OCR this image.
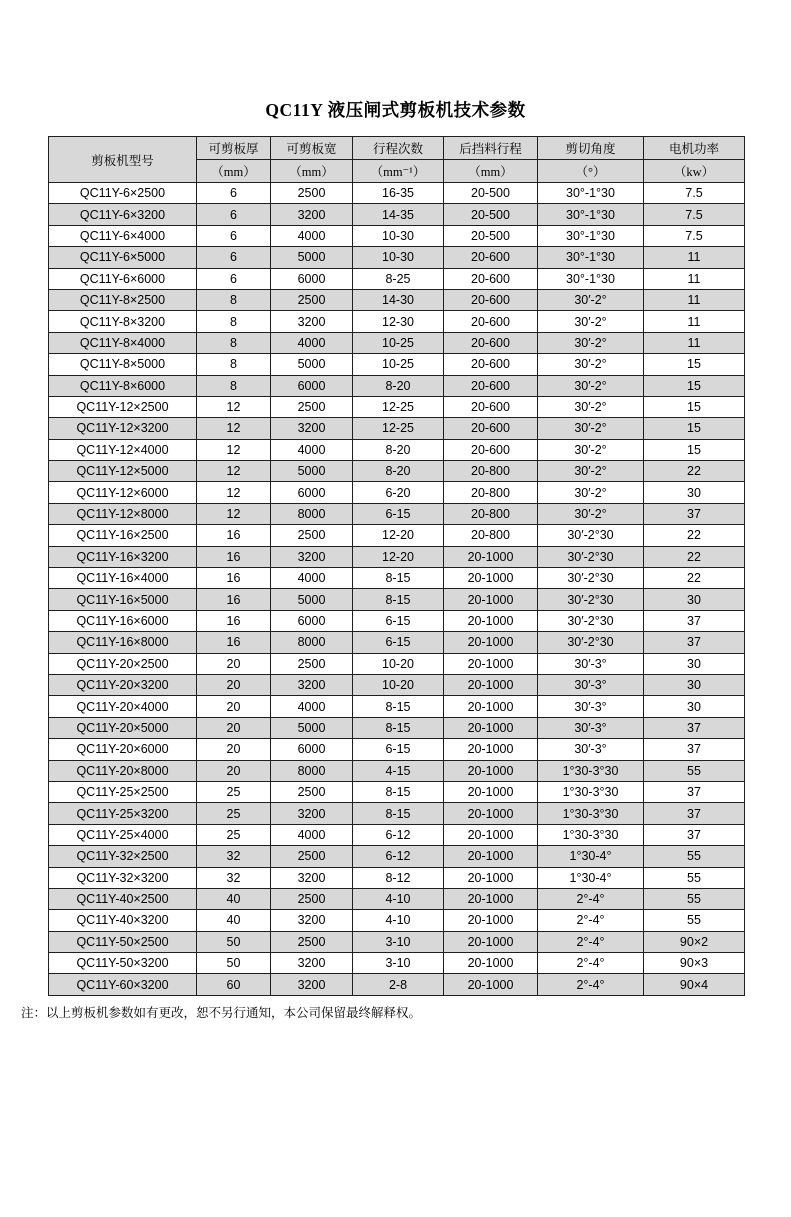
QC11Y 液压闸式剪板机技术参数
剪板机型号	可剪板厚	可剪板宽	行程次数	后挡料行程	剪切角度	电机功率
	（mm）	（mm）	（mm⁻¹）	（mm）	（°）	（kw）
QC11Y-6×2500	6	2500	16-35	20-500	30°-1°30	7.5
QC11Y-6×3200	6	3200	14-35	20-500	30°-1°30	7.5
QC11Y-6×4000	6	4000	10-30	20-500	30°-1°30	7.5
QC11Y-6×5000	6	5000	10-30	20-600	30°-1°30	11
QC11Y-6×6000	6	6000	8-25	20-600	30°-1°30	11
QC11Y-8×2500	8	2500	14-30	20-600	30′-2°	11
QC11Y-8×3200	8	3200	12-30	20-600	30′-2°	11
QC11Y-8×4000	8	4000	10-25	20-600	30′-2°	11
QC11Y-8×5000	8	5000	10-25	20-600	30′-2°	15
QC11Y-8×6000	8	6000	8-20	20-600	30′-2°	15
QC11Y-12×2500	12	2500	12-25	20-600	30′-2°	15
QC11Y-12×3200	12	3200	12-25	20-600	30′-2°	15
QC11Y-12×4000	12	4000	8-20	20-600	30′-2°	15
QC11Y-12×5000	12	5000	8-20	20-800	30′-2°	22
QC11Y-12×6000	12	6000	6-20	20-800	30′-2°	30
QC11Y-12×8000	12	8000	6-15	20-800	30′-2°	37
QC11Y-16×2500	16	2500	12-20	20-800	30′-2°30	22
QC11Y-16×3200	16	3200	12-20	20-1000	30′-2°30	22
QC11Y-16×4000	16	4000	8-15	20-1000	30′-2°30	22
QC11Y-16×5000	16	5000	8-15	20-1000	30′-2°30	30
QC11Y-16×6000	16	6000	6-15	20-1000	30′-2°30	37
QC11Y-16×8000	16	8000	6-15	20-1000	30′-2°30	37
QC11Y-20×2500	20	2500	10-20	20-1000	30′-3°	30
QC11Y-20×3200	20	3200	10-20	20-1000	30′-3°	30
QC11Y-20×4000	20	4000	8-15	20-1000	30′-3°	30
QC11Y-20×5000	20	5000	8-15	20-1000	30′-3°	37
QC11Y-20×6000	20	6000	6-15	20-1000	30′-3°	37
QC11Y-20×8000	20	8000	4-15	20-1000	1°30-3°30	55
QC11Y-25×2500	25	2500	8-15	20-1000	1°30-3°30	37
QC11Y-25×3200	25	3200	8-15	20-1000	1°30-3°30	37
QC11Y-25×4000	25	4000	6-12	20-1000	1°30-3°30	37
QC11Y-32×2500	32	2500	6-12	20-1000	1°30-4°	55
QC11Y-32×3200	32	3200	8-12	20-1000	1°30-4°	55
QC11Y-40×2500	40	2500	4-10	20-1000	2°-4°	55
QC11Y-40×3200	40	3200	4-10	20-1000	2°-4°	55
QC11Y-50×2500	50	2500	3-10	20-1000	2°-4°	90×2
QC11Y-50×3200	50	3200	3-10	20-1000	2°-4°	90×3
QC11Y-60×3200	60	3200	2-8	20-1000	2°-4°	90×4
注：以上剪板机参数如有更改，恕不另行通知，本公司保留最终解释权。
